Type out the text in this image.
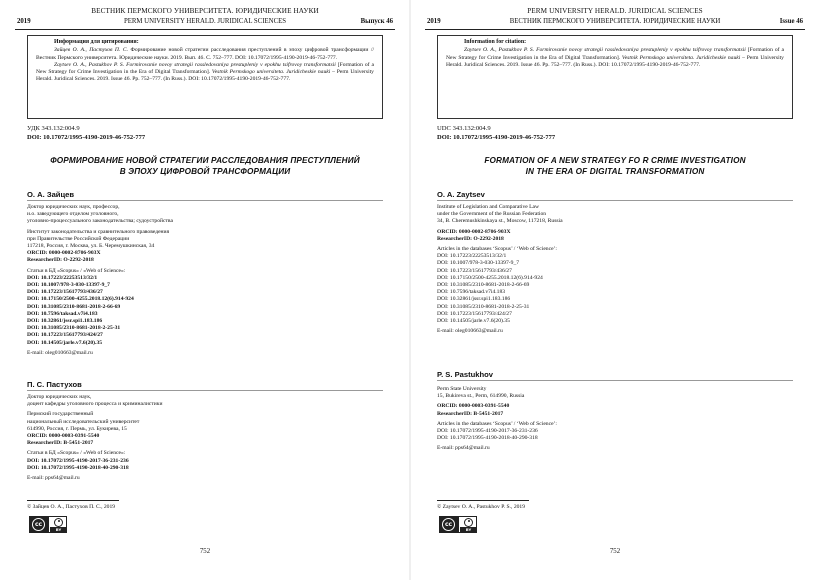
ВЕСТНИК ПЕРМСКОГО УНИВЕРСИТЕТА. ЮРИДИЧЕСКИЕ НАУКИ
2019	PERM UNIVERSITY HERALD. JURIDICAL SCIENCES	Выпуск 46
Информация для цитирования:
Зайцев О. А., Пастухов П. С. Формирование новой стратегии расследования преступлений в эпоху цифровой трансформации // Вестник Пермского университета. Юридические науки. 2019. Вып. 46. С. 752–777. DOI: 10.17072/1995-4190-2019-46-752-777.
Zaytsev O. A., Pastukhov P. S. Formirovanie novoy strategii rassledovaniya prestupleniy v epokhu tsifrovoy transformatsii [Formation of a New Strategy for Crime Investigation in the Era of Digital Transformation]. Vestnik Permskogo universiteta. Juridicheskie nauki – Perm University Herald. Juridical Sciences. 2019. Issue 46. Pp. 752–777. (In Russ.). DOI: 10.17072/1995-4190-2019-46-752-777.
УДК 343.132:004.9
DOI: 10.17072/1995-4190-2019-46-752-777
ФОРМИРОВАНИЕ НОВОЙ СТРАТЕГИИ РАССЛЕДОВАНИЯ ПРЕСТУПЛЕНИЙ
В ЭПОХУ ЦИФРОВОЙ ТРАНСФОРМАЦИИ
О. А. Зайцев
Доктор юридических наук, профессор,
и.о. заведующего отделом уголовного,
уголовно-процессуального законодательства; судоустройства
Институт законодательства и сравнительного правоведения
при Правительстве Российской Федерации
117218, Россия, г. Москва, ул. Б. Черемушкинская, 34
ORCID: 0000-0002-8706-903X
ResearcherID: O-2292-2018
Статьи в БД «Scopus» / «Web of Science»:
DOI: 10.17223/22253513/32/1
DOI: 10.1007/978-3-030-13397-9_7
DOI: 10.17223/15617793/436/27
DOI: 10.17150/2500-4255.2018.12(6).914-924
DOI: 10.31085/2310-8681-2018-2-66-69
DOI: 10.7596/taksad.v7i4.183
DOI: 10.32861/jssr.spi1.183.186
DOI: 10.31085/2310-8681-2018-2-25-31
DOI: 10.17223/15617793/424/27
DOI: 10.14505/jarle.v7.6(20).35
E-mail: oleg010663@mail.ru
П. С. Пастухов
Доктор юридических наук,
доцент кафедры уголовного процесса и криминалистики
Пермский государственный
национальный исследовательский университет
614990, Россия, г. Пермь, ул. Букирева, 15
ORCID: 0000-0003-0391-5540
ResearcherID: B-5451-2017
Статьи в БД «Scopus» / «Web of Science»:
DOI: 10.17072/1995-4190-2017-36-231-236
DOI: 10.17072/1995-4190-2018-40-290-318
E-mail: pps64@mail.ru
© Зайцев О. А., Пастухов П. С., 2019
cc
BY
752
PERM UNIVERSITY HERALD. JURIDICAL SCIENCES
2019	ВЕСТНИК ПЕРМСКОГО УНИВЕРСИТЕТА. ЮРИДИЧЕСКИЕ НАУКИ	Issue 46
Information for citation:
Zaytsev O. A., Pastukhov P. S. Formirovanie novoy strategii rassledovaniya prestupleniy v epokhu tsifrovoy transformatsii [Formation of a New Strategy for Crime Investigation in the Era of Digital Transformation]. Vestnik Permskogo universiteta. Juridicheskie nauki – Perm University Herald. Juridical Sciences. 2019. Issue 46. Pp. 752–777. (In Russ.). DOI: 10.17072/1995-4190-2019-46-752-777.
UDC 343.132:004.9
DOI: 10.17072/1995-4190-2019-46-752-777
FORMATION OF A NEW STRATEGY FO R CRIME INVESTIGATION
IN THE ERA OF DIGITAL TRANSFORMATION
O. A. Zaytsev
Institute of Legislation and Comparative Law
under the Government of the Russian Federation
34, B. Cheremushkinskaya st., Moscow, 117218, Russia
ORCID: 0000-0002-8706-903X
ResearcherID: O-2292-2018
Articles in the databases ‘Scopus’ / ‘Web of Science’:
DOI: 10.17223/22253513/32/1
DOI: 10.1007/978-3-030-13397-9_7
DOI: 10.17223/15617793/436/27
DOI: 10.17150/2500-4255.2018.12(6).914-924
DOI: 10.31085/2310-8681-2018-2-66-69
DOI: 10.7596/taksad.v7i4.183
DOI: 10.32861/jssr.spi1.183.186
DOI: 10.31085/2310-8681-2018-2-25-31
DOI: 10.17223/15617793/424/27
DOI: 10.14505/jarle.v7.6(20).35
E-mail: oleg010663@mail.ru
P. S. Pastukhov
Perm State University
15, Bukireva st., Perm, 614990, Russia
ORCID: 0000-0003-0391-5540
ResearcherID: B-5451-2017
Articles in the databases ‘Scopus’ / ‘Web of Science’:
DOI: 10.17072/1995-4190-2017-36-231-236
DOI: 10.17072/1995-4190-2018-40-290-318
E-mail: pps64@mail.ru
© Zaytsev O. A., Pastukhov P. S., 2019
cc
BY
752
